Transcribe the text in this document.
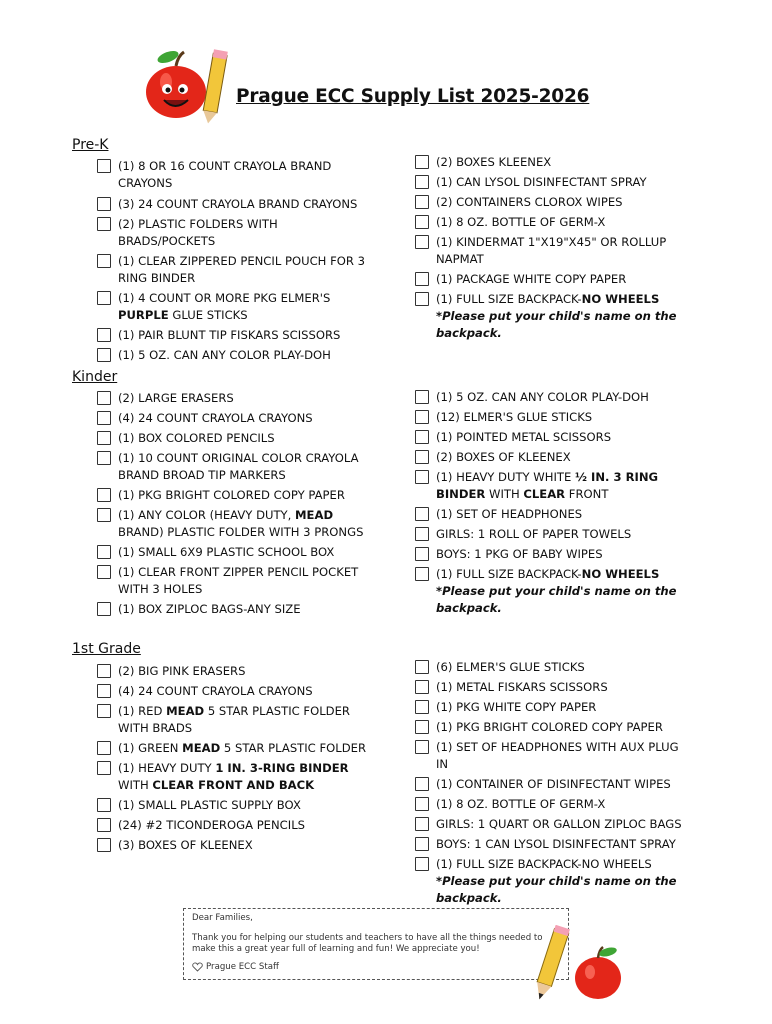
Prague ECC Supply List 2025-2026
Pre-K
(1) 8 OR 16 COUNT CRAYOLA BRAND CRAYONS
(3) 24 COUNT CRAYOLA BRAND CRAYONS
(2) PLASTIC FOLDERS WITH BRADS/POCKETS
(1) CLEAR ZIPPERED PENCIL POUCH FOR 3 RING BINDER
(1) 4 COUNT OR MORE PKG ELMER'S PURPLE GLUE STICKS
(1) PAIR BLUNT TIP FISKARS SCISSORS
(1) 5 OZ. CAN ANY COLOR PLAY-DOH
(2) BOXES KLEENEX
(1) CAN LYSOL DISINFECTANT SPRAY
(2) CONTAINERS CLOROX WIPES
(1) 8 OZ. BOTTLE OF GERM-X
(1) KINDERMAT 1"X19"X45" OR ROLLUP NAPMAT
(1) PACKAGE WHITE COPY PAPER
(1) FULL SIZE BACKPACK-NO WHEELS
*Please put your child's name on the backpack.
Kinder
(2) LARGE ERASERS
(4) 24 COUNT CRAYOLA CRAYONS
(1) BOX COLORED PENCILS
(1) 10 COUNT ORIGINAL COLOR CRAYOLA BRAND BROAD TIP MARKERS
(1) PKG BRIGHT COLORED COPY PAPER
(1) ANY COLOR (HEAVY DUTY, MEAD BRAND) PLASTIC FOLDER WITH 3 PRONGS
(1) SMALL 6X9 PLASTIC SCHOOL BOX
(1) CLEAR FRONT ZIPPER PENCIL POCKET WITH 3 HOLES
(1) BOX ZIPLOC BAGS-ANY SIZE
(1) 5 OZ. CAN ANY COLOR PLAY-DOH
(12) ELMER'S GLUE STICKS
(1) POINTED METAL SCISSORS
(2) BOXES OF KLEENEX
(1) HEAVY DUTY WHITE ½ IN. 3 RING BINDER WITH CLEAR FRONT
(1) SET OF HEADPHONES
GIRLS: 1 ROLL OF PAPER TOWELS
BOYS: 1 PKG OF BABY WIPES
(1) FULL SIZE BACKPACK-NO WHEELS
*Please put your child's name on the backpack.
1st Grade
(2) BIG PINK ERASERS
(4) 24 COUNT CRAYOLA CRAYONS
(1) RED MEAD 5 STAR PLASTIC FOLDER WITH BRADS
(1) GREEN MEAD 5 STAR PLASTIC FOLDER
(1) HEAVY DUTY 1 IN. 3-RING BINDER WITH CLEAR FRONT AND BACK
(1) SMALL PLASTIC SUPPLY BOX
(24) #2 TICONDEROGA PENCILS
(3) BOXES OF KLEENEX
(6) ELMER'S GLUE STICKS
(1) METAL FISKARS SCISSORS
(1) PKG WHITE COPY PAPER
(1) PKG BRIGHT COLORED COPY PAPER
(1) SET OF HEADPHONES WITH AUX PLUG IN
(1) CONTAINER OF DISINFECTANT WIPES
(1) 8 OZ. BOTTLE OF GERM-X
GIRLS: 1 QUART OR GALLON ZIPLOC BAGS
BOYS: 1 CAN LYSOL DISINFECTANT SPRAY
(1) FULL SIZE BACKPACK-NO WHEELS
*Please put your child's name on the backpack.

Dear Families,

Thank you for helping our students and teachers to have all the things needed to make this a great year full of learning and fun! We appreciate you!

Prague ECC Staff
